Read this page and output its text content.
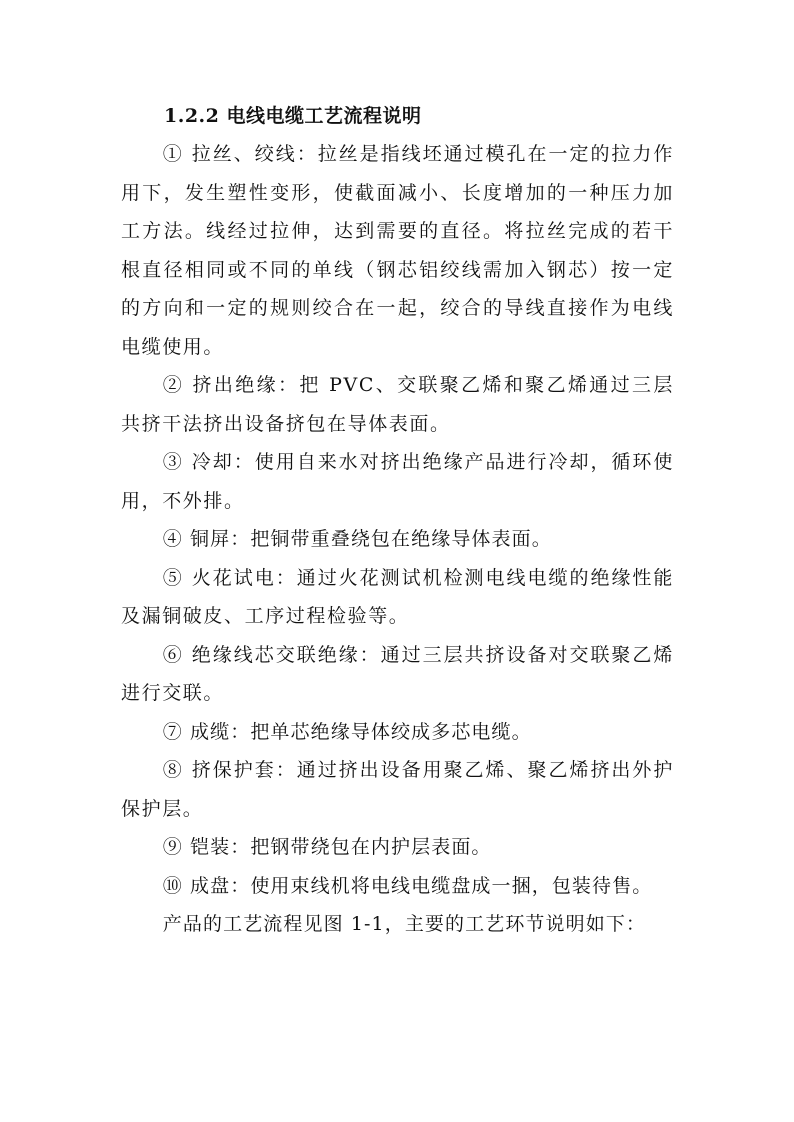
1.2.2 电线电缆工艺流程说明

① 拉丝、绞线：拉丝是指线坯通过模孔在一定的拉力作用下，发生塑性变形，使截面减小、长度增加的一种压力加工方法。线经过拉伸，达到需要的直径。将拉丝完成的若干根直径相同或不同的单线（钢芯铝绞线需加入钢芯）按一定的方向和一定的规则绞合在一起，绞合的导线直接作为电线电缆使用。

② 挤出绝缘：把 PVC、交联聚乙烯和聚乙烯通过三层共挤干法挤出设备挤包在导体表面。

③ 冷却：使用自来水对挤出绝缘产品进行冷却，循环使用，不外排。

④ 铜屏：把铜带重叠绕包在绝缘导体表面。

⑤ 火花试电：通过火花测试机检测电线电缆的绝缘性能及漏铜破皮、工序过程检验等。

⑥ 绝缘线芯交联绝缘：通过三层共挤设备对交联聚乙烯进行交联。

⑦ 成缆：把单芯绝缘导体绞成多芯电缆。

⑧ 挤保护套：通过挤出设备用聚乙烯、聚乙烯挤出外护保护层。

⑨ 铠装：把钢带绕包在内护层表面。

⑩ 成盘：使用束线机将电线电缆盘成一捆，包装待售。

产品的工艺流程见图 1-1，主要的工艺环节说明如下：
